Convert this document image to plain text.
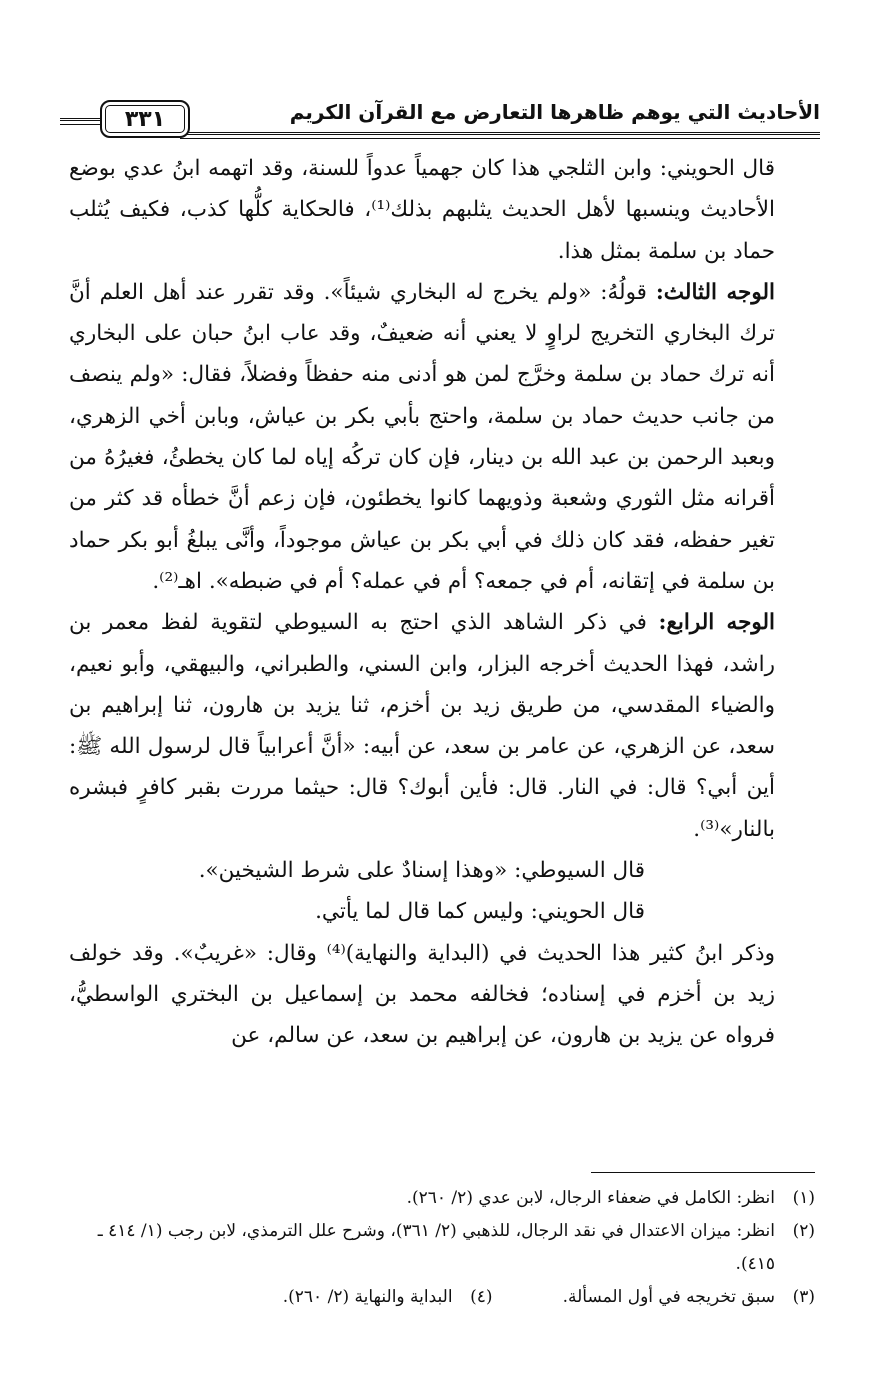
الأحاديث التي يوهم ظاهرها التعارض مع القرآن الكريم
٣٣١

قال الحويني: وابن الثلجي هذا كان جهمياً عدواً للسنة، وقد اتهمه ابنُ عدي بوضع الأحاديث وينسبها لأهل الحديث يثلبهم بذلك⁽¹⁾، فالحكاية كلُّها كذب، فكيف يُثلب حماد بن سلمة بمثل هذا.

الوجه الثالث: قولُهُ: «ولم يخرج له البخاري شيئاً». وقد تقرر عند أهل العلم أنَّ ترك البخاري التخريج لراوٍ لا يعني أنه ضعيفٌ، وقد عاب ابنُ حبان على البخاري أنه ترك حماد بن سلمة وخرَّج لمن هو أدنى منه حفظاً وفضلاً، فقال: «ولم ينصف من جانب حديث حماد بن سلمة، واحتج بأبي بكر بن عياش، وبابن أخي الزهري، وبعبد الرحمن بن عبد الله بن دينار، فإن كان تركُه إياه لما كان يخطئُ، فغيرُهُ من أقرانه مثل الثوري وشعبة وذويهما كانوا يخطئون، فإن زعم أنَّ خطأه قد كثر من تغير حفظه، فقد كان ذلك في أبي بكر بن عياش موجوداً، وأنَّى يبلغُ أبو بكر حماد بن سلمة في إتقانه، أم في جمعه؟ أم في عمله؟ أم في ضبطه». اهـ⁽²⁾.

الوجه الرابع: في ذكر الشاهد الذي احتج به السيوطي لتقوية لفظ معمر بن راشد، فهذا الحديث أخرجه البزار، وابن السني، والطبراني، والبيهقي، وأبو نعيم، والضياء المقدسي، من طريق زيد بن أخزم، ثنا يزيد بن هارون، ثنا إبراهيم بن سعد، عن الزهري، عن عامر بن سعد، عن أبيه: «أنَّ أعرابياً قال لرسول الله ﷺ: أين أبي؟ قال: في النار. قال: فأين أبوك؟ قال: حيثما مررت بقبر كافرٍ فبشره بالنار»⁽³⁾.

قال السيوطي: «وهذا إسنادٌ على شرط الشيخين».

قال الحويني: وليس كما قال لما يأتي.

وذكر ابنُ كثير هذا الحديث في (البداية والنهاية)⁽⁴⁾ وقال: «غريبٌ». وقد خولف زيد بن أخزم في إسناده؛ فخالفه محمد بن إسماعيل بن البختري الواسطيُّ، فرواه عن يزيد بن هارون، عن إبراهيم بن سعد، عن سالم، عن

(١)
انظر: الكامل في ضعفاء الرجال، لابن عدي (٢/ ٢٦٠).
(٢)
انظر: ميزان الاعتدال في نقد الرجال، للذهبي (٢/ ٣٦١)، وشرح علل الترمذي، لابن رجب (١/ ٤١٤ ـ ٤١٥).
(٣)
سبق تخريجه في أول المسألة.
(٤)
البداية والنهاية (٢/ ٢٦٠).
